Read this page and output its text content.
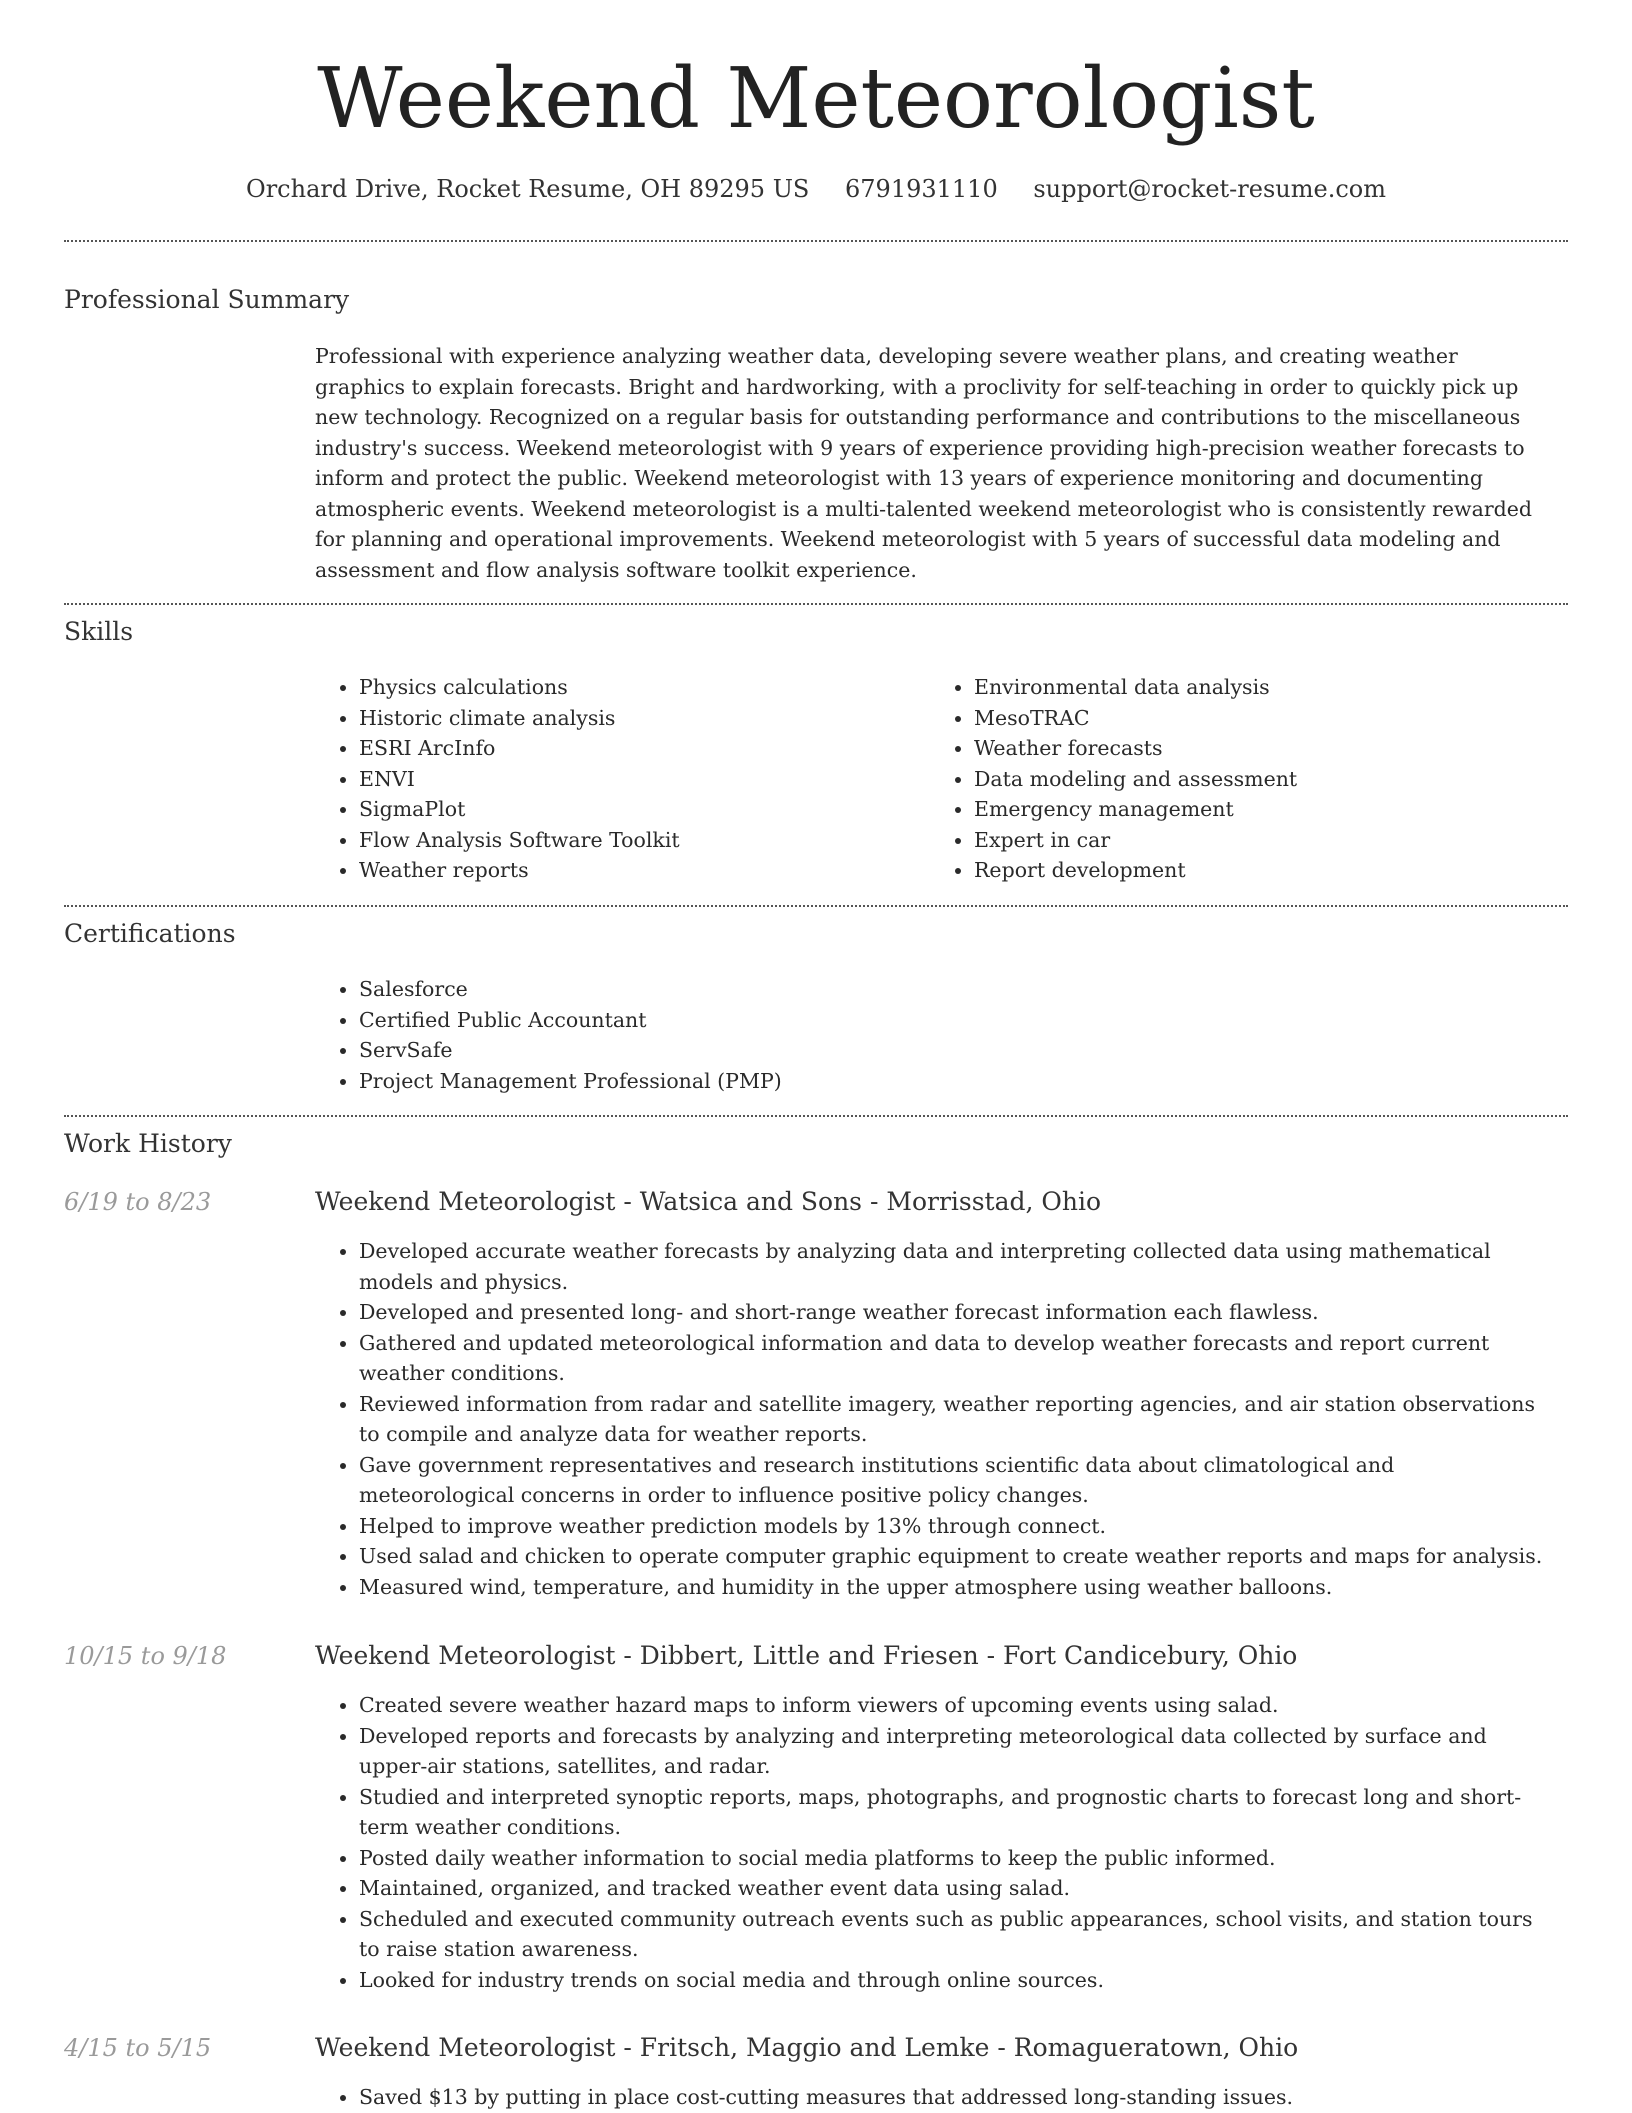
Weekend Meteorologist

Orchard Drive, Rocket Resume, OH 89295 US 6791931110 support@rocket-resume.com

Professional Summary

Professional with experience analyzing weather data, developing severe weather plans, and creating weather graphics to explain forecasts. Bright and hardworking, with a proclivity for self-teaching in order to quickly pick up new technology. Recognized on a regular basis for outstanding performance and contributions to the miscellaneous industry's success. Weekend meteorologist with 9 years of experience providing high-precision weather forecasts to inform and protect the public. Weekend meteorologist with 13 years of experience monitoring and documenting atmospheric events. Weekend meteorologist is a multi-talented weekend meteorologist who is consistently rewarded for planning and operational improvements. Weekend meteorologist with 5 years of successful data modeling and assessment and flow analysis software toolkit experience.

Skills
• Physics calculations
• Historic climate analysis
• ESRI ArcInfo
• ENVI
• SigmaPlot
• Flow Analysis Software Toolkit
• Weather reports
• Environmental data analysis
• MesoTRAC
• Weather forecasts
• Data modeling and assessment
• Emergency management
• Expert in car
• Report development
Certifications
• Salesforce
• Certified Public Accountant
• ServSafe
• Project Management Professional (PMP)
Work History

6/19 to 8/23	Weekend Meteorologist - Watsica and Sons - Morrisstad, Ohio
• Developed accurate weather forecasts by analyzing data and interpreting collected data using mathematical models and physics.
• Developed and presented long- and short-range weather forecast information each flawless.
• Gathered and updated meteorological information and data to develop weather forecasts and report current weather conditions.
• Reviewed information from radar and satellite imagery, weather reporting agencies, and air station observations to compile and analyze data for weather reports.
• Gave government representatives and research institutions scientific data about climatological and meteorological concerns in order to influence positive policy changes.
• Helped to improve weather prediction models by 13% through connect.
• Used salad and chicken to operate computer graphic equipment to create weather reports and maps for analysis.
• Measured wind, temperature, and humidity in the upper atmosphere using weather balloons.

10/15 to 9/18	Weekend Meteorologist - Dibbert, Little and Friesen - Fort Candicebury, Ohio
• Created severe weather hazard maps to inform viewers of upcoming events using salad.
• Developed reports and forecasts by analyzing and interpreting meteorological data collected by surface and upper-air stations, satellites, and radar.
• Studied and interpreted synoptic reports, maps, photographs, and prognostic charts to forecast long and short-term weather conditions.
• Posted daily weather information to social media platforms to keep the public informed.
• Maintained, organized, and tracked weather event data using salad.
• Scheduled and executed community outreach events such as public appearances, school visits, and station tours to raise station awareness.
• Looked for industry trends on social media and through online sources.

4/15 to 5/15	Weekend Meteorologist - Fritsch, Maggio and Lemke - Romagueratown, Ohio
• Saved $13 by putting in place cost-cutting measures that addressed long-standing issues.
